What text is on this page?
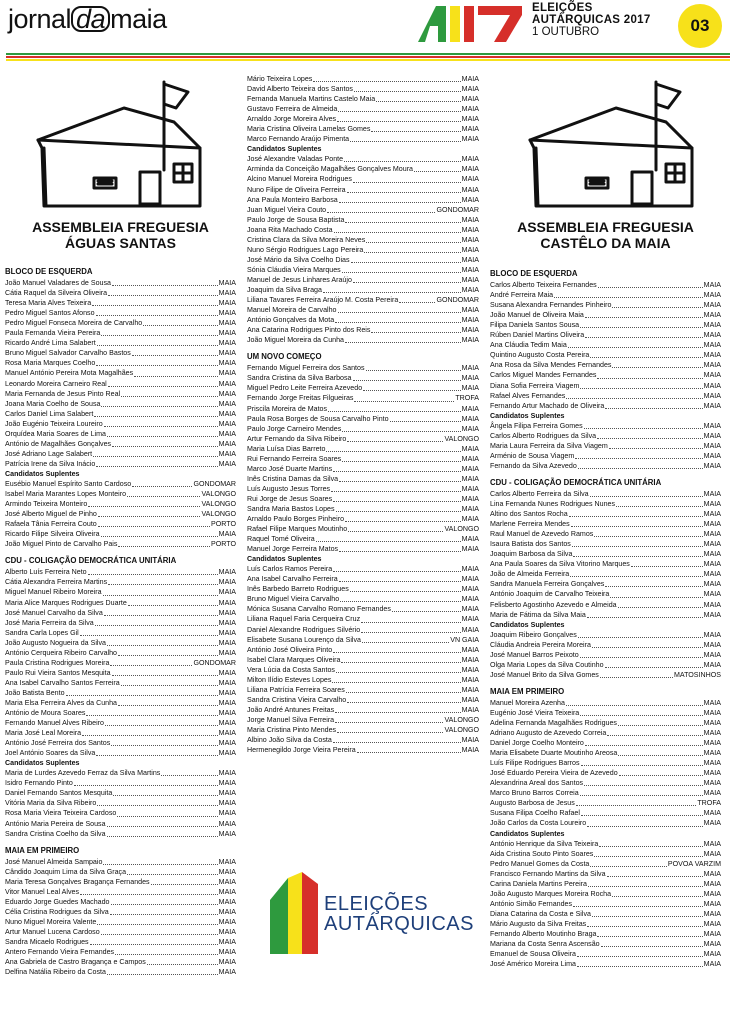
jornal da maia	ELEIÇÕES
AUTÁRQUICAS 2017
1 OUTUBRO	03
ASSEMBLEIA FREGUESIA
ÁGUAS SANTAS
ASSEMBLEIA FREGUESIA
CASTÊLO DA MAIA
BLOCO DE ESQUERDA
João Manuel Valadares de Sousa	MAIA
Cátia Raquel da Silveira Oliveira	MAIA
Teresa Maria Alves Teixeira	MAIA
Pedro Miguel Santos Afonso	MAIA
Pedro Miguel Fonseca Moreira de Carvalho	MAIA
Paula Fernanda Vieira Pereira	MAIA
Ricardo André Lima Salabert	MAIA
Bruno Miguel Salvador Carvalho Bastos	MAIA
Rosa Maria Marques Coelho	MAIA
Manuel António Pereira Mota Magalhães	MAIA
Leonardo Moreira Carneiro Real	MAIA
Maria Fernanda de Jesus Pinto Real	MAIA
Joana Maria Coelho de Sousa	MAIA
Carlos Daniel Lima Salabert	MAIA
João Eugénio Teixeira Loureiro	MAIA
Orquídea Maria Soares de Lima	MAIA
António de Magalhães Gonçalves	MAIA
José Adriano Lage Salabert	MAIA
Patrícia Irene da Silva Inácio	MAIA
Candidatos Suplentes
Eusébio Manuel Espírito Santo Cardoso	GONDOMAR
Isabel Maria Marantes Lopes Monteiro	VALONGO
Armindo Teixeira Monteiro	VALONGO
José Alberto Miguel de Pinho	VALONGO
Rafaela Tânia Ferreira Couto	PORTO
Ricardo Filipe Silveira Oliveira	MAIA
João Miguel Pinto de Carvalho Pais	PORTO
CDU - COLIGAÇÃO DEMOCRÁTICA UNITÁRIA
Alberto Luís Ferreira Neto	MAIA
Cátia Alexandra Ferreira Martins	MAIA
Miguel Manuel Ribeiro Moreira	MAIA
Maria Alice Marques Rodrigues Duarte	MAIA
José Manuel Carvalho da Silva	MAIA
José Maria Ferreira da Silva	MAIA
Sandra Carla Lopes Gil	MAIA
João Augusto Nogueira da Silva	MAIA
António Cerqueira Ribeiro Carvalho	MAIA
Paula Cristina Rodrigues Moreira	GONDOMAR
Paulo Rui Vieira Santos Mesquita	MAIA
Ana Isabel Carvalho Santos Ferreira	MAIA
João Batista Bento	MAIA
Maria Elsa Ferreira Alves da Cunha	MAIA
António de Moura Soares	MAIA
Fernando Manuel Alves Ribeiro	MAIA
Maria José Leal Moreira	MAIA
António José Ferreira dos Santos	MAIA
Joel António Soares da Silva	MAIA
Candidatos Suplentes
Maria de Lurdes Azevedo Ferraz da Silva Martins	MAIA
Isidro Fernando Pinto	MAIA
Daniel Fernando Santos Mesquita	MAIA
Vitória Maria da Silva Ribeiro	MAIA
Rosa Maria Vieira Teixeira Cardoso	MAIA
António Maria Pereira de Sousa	MAIA
Sandra Cristina Coelho da Silva	MAIA
MAIA EM PRIMEIRO
José Manuel Almeida Sampaio	MAIA
Cândido Joaquim Lima da Silva Graça	MAIA
Maria Teresa Gonçalves Bragança Fernandes	MAIA
Vitor Manuel Leal Alves	MAIA
Eduardo Jorge Guedes Machado	MAIA
Célia Cristina Rodrigues da Silva	MAIA
Nuno Miguel Moreira Valente	MAIA
Artur Manuel Lucena Cardoso	MAIA
Sandra Micaelo Rodrigues	MAIA
Antero Fernando Vieira Fernandes	MAIA
Ana Gabriela de Castro Bragança e Campos	MAIA
Delfina Natália Ribeiro da Costa	MAIA
Mário Teixeira Lopes	MAIA
David Alberto Teixeira dos Santos	MAIA
Fernanda Manuela Martins Castelo Maia	MAIA
Gustavo Ferreira de Almeida	MAIA
Arnaldo Jorge Moreira Alves	MAIA
Maria Cristina Oliveira Lamelas Gomes	MAIA
Marco Fernando Araújo Pimenta	MAIA
Candidatos Suplentes
José Alexandre Valadas Ponte	MAIA
Arminda da Conceição Magalhães Gonçalves Moura	MAIA
Alcino Manuel Moreira Rodrigues	MAIA
Nuno Filipe de Oliveira Ferreira	MAIA
Ana Paula Monteiro Barbosa	MAIA
Juan Miguel Vieira Couto	GONDOMAR
Paulo Jorge de Sousa Baptista	MAIA
Joana Rita Machado Costa	MAIA
Cristina Clara da Silva Moreira Neves	MAIA
Nuno Sérgio Rodrigues Lago Pereira	MAIA
José Mário da Silva Coelho Dias	MAIA
Sónia Cláudia Vieira Marques	MAIA
Manuel de Jesus Linhares Araújo	MAIA
Joaquim da Silva Braga	MAIA
Liliana Tavares Ferreira Araújo M. Costa Pereira	GONDOMAR
Manuel Moreira de Carvalho	MAIA
António Gonçalves da Mota	MAIA
Ana Catarina Rodrigues Pinto dos Reis	MAIA
João Miguel Moreira da Cunha	MAIA
UM NOVO COMEÇO
Fernando Miguel Ferreira dos Santos	MAIA
Sandra Cristina da Silva Barbosa	MAIA
Miguel Pedro Leite Ferreira Azevedo	MAIA
Fernando Jorge Freitas Filgueiras	TROFA
Priscila Moreira de Matos	MAIA
Paula Rosa Borges de Sousa Carvalho Pinto	MAIA
Paulo Jorge Carneiro Mendes	MAIA
Artur Fernando da Silva Ribeiro	VALONGO
Maria Luísa Dias Barreto	MAIA
Rui Fernando Ferreira Soares	MAIA
Marco José Duarte Martins	MAIA
Inês Cristina Damas da Silva	MAIA
Luís Augusto Jesus Torres	MAIA
Rui Jorge de Jesus Soares	MAIA
Sandra Maria Bastos Lopes	MAIA
Arnaldo Paulo Borges Pinheiro	MAIA
Rafael Filipe Marques Moutinho	VALONGO
Raquel Tomé Oliveira	MAIA
Manuel Jorge Ferreira Matos	MAIA
Candidatos Suplentes
Luís Carlos Ramos Pereira	MAIA
Ana Isabel Carvalho Ferreira	MAIA
Inês Barbedo Barreto Rodrigues	MAIA
Bruno Miguel Vieira Carvalho	MAIA
Mónica Susana Carvalho Romano Fernandes	MAIA
Liliana Raquel Faria Cerqueira Cruz	MAIA
Daniel Alexandre Rodrigues Silvério	MAIA
Elisabete Susana Lourenço da Silva	VN GAIA
António José Oliveira Pinto	MAIA
Isabel Clara Marques Oliveira	MAIA
Vera Lúcia da Costa Santos	MAIA
Milton Ilídio Esteves Lopes	MAIA
Liliana Patrícia Ferreira Soares	MAIA
Sandra Cristina Vieira Carvalho	MAIA
João André Antunes Freitas	MAIA
Jorge Manuel Silva Ferreira	VALONGO
Maria Cristina Pinto Mendes	VALONGO
Albino João Silva da Costa	MAIA
Hermenegildo Jorge Vieira Pereira	MAIA
BLOCO DE ESQUERDA
Carlos Alberto Teixeira Fernandes	MAIA
André Ferreira Maia	MAIA
Susana Alexandra Fernandes Pinheiro	MAIA
João Manuel de Oliveira Maia	MAIA
Filipa Daniela Santos Sousa	MAIA
Rúben Daniel Martins Oliveira	MAIA
Ana Cláudia Tedim Maia	MAIA
Quintino Augusto Costa Pereira	MAIA
Ana Rosa da Silva Mendes Fernandes	MAIA
Carlos Miguel Mandes Fernandes	MAIA
Diana Sofia Ferreira Viagem	MAIA
Rafael Alves Fernandes	MAIA
Fernando Artur Machado de Oliveira	MAIA
Candidatos Suplentes
Ângela Filipa Ferreira Gomes	MAIA
Carlos Alberto Rodrigues da Silva	MAIA
Maria Laura Ferreira da Silva Viagem	MAIA
Arménio de Sousa Viagem	MAIA
Fernando da Silva Azevedo	MAIA
CDU - COLIGAÇÃO DEMOCRÁTICA UNITÁRIA
Carlos Alberto Ferreira da Silva	MAIA
Lina Fernanda Nunes Rodrigues Nunes	MAIA
Altino dos Santos Rocha	MAIA
Marlene Ferreira Mendes	MAIA
Raul Manuel de Azevedo Ramos	MAIA
Isaura Batista dos Santos	MAIA
Joaquim Barbosa da Silva	MAIA
Ana Paula Soares da Silva Vitorino Marques	MAIA
João de Almeida Ferreira	MAIA
Sandra Manuela Ferreira Gonçalves	MAIA
António Joaquim de Carvalho Teixeira	MAIA
Felisberto Agostinho Azevedo e Almeida	MAIA
Maria de Fátima da Silva Maia	MAIA
Candidatos Suplentes
Joaquim Ribeiro Gonçalves	MAIA
Cláudia Andreia Pereira Moreira	MAIA
José Manuel Barros Peixoto	MAIA
Olga Maria Lopes da Silva Coutinho	MAIA
José Manuel Brito da Silva Gomes	MATOSINHOS
MAIA EM PRIMEIRO
Manuel Moreira Azenha	MAIA
Eugénio José Vieira Teixeira	MAIA
Adelina Fernanda Magalhães Rodrigues	MAIA
Adriano Augusto de Azevedo Correia	MAIA
Daniel Jorge Coelho Monteiro	MAIA
Maria Elisabete Duarte Moutinho Areosa	MAIA
Luís Filipe Rodrigues Barros	MAIA
José Eduardo Pereira Vieira de Azevedo	MAIA
Alexandrina Areal dos Santos	MAIA
Marco Bruno Barros Correia	MAIA
Augusto Barbosa de Jesus	TROFA
Susana Filipa Coelho Rafael	MAIA
João Carlos da Costa Loureiro	MAIA
Candidatos Suplentes
António Henrique da Silva Teixeira	MAIA
Aida Cristina Souto Pinto Soares	MAIA
Pedro Manuel Gomes da Costa	POVOA VARZIM
Francisco Fernando Martins da Silva	MAIA
Carina Daniela Martins Pereira	MAIA
João Augusto Marques Moreira Rocha	MAIA
António Simão Fernandes	MAIA
Diana Catarina da Costa e Silva	MAIA
Mário Augusto da Silva Freitas	MAIA
Fernando Alberto Moutinho Braga	MAIA
Mariana da Costa Senra Ascensão	MAIA
Emanuel de Sousa Oliveira	MAIA
José Américo Moreira Lima	MAIA
ELEIÇÕES
AUTÁRQUICAS
